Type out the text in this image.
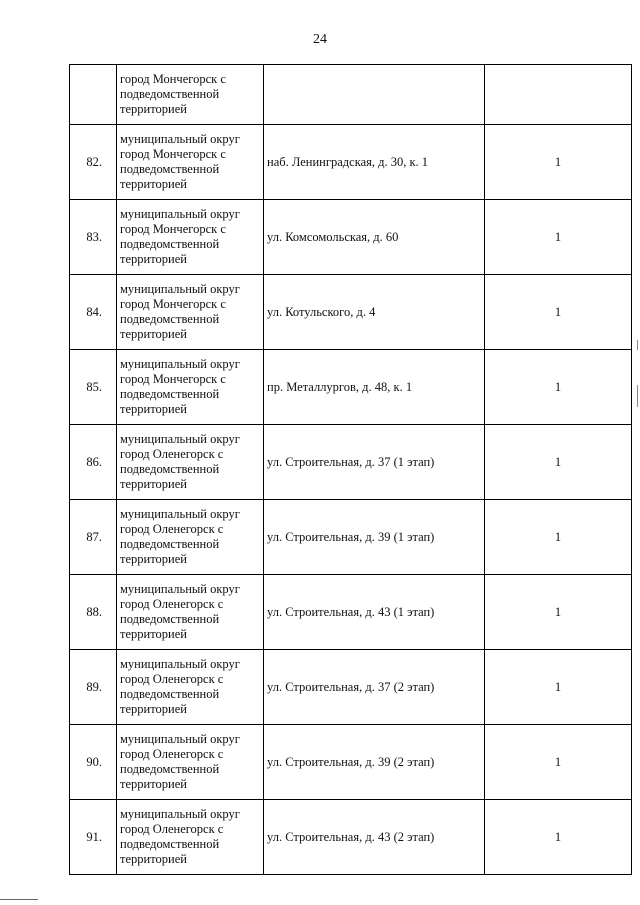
24

	город Мончегорск с
подведомственной
территорией		

82.	муниципальный округ
город Мончегорск с
подведомственной
территорией	наб. Ленинградская, д. 30, к. 1	1
83.	муниципальный округ
город Мончегорск с
подведомственной
территорией	ул. Комсомольская, д. 60	1
84.	муниципальный округ
город Мончегорск с
подведомственной
территорией	ул. Котульского, д. 4	1
85.	муниципальный округ
город Мончегорск с
подведомственной
территорией	пр. Металлургов, д. 48, к. 1	1
86.	муниципальный округ
город Оленегорск с
подведомственной
территорией	ул. Строительная, д. 37 (1 этап)	1
87.	муниципальный округ
город Оленегорск с
подведомственной
территорией	ул. Строительная, д. 39 (1 этап)	1
88.	муниципальный округ
город Оленегорск с
подведомственной
территорией	ул. Строительная, д. 43 (1 этап)	1
89.	муниципальный округ
город Оленегорск с
подведомственной
территорией	ул. Строительная, д. 37 (2 этап)	1
90.	муниципальный округ
город Оленегорск с
подведомственной
территорией	ул. Строительная, д. 39 (2 этап)	1
91.	муниципальный округ
город Оленегорск с
подведомственной
территорией	ул. Строительная, д. 43 (2 этап)	1
